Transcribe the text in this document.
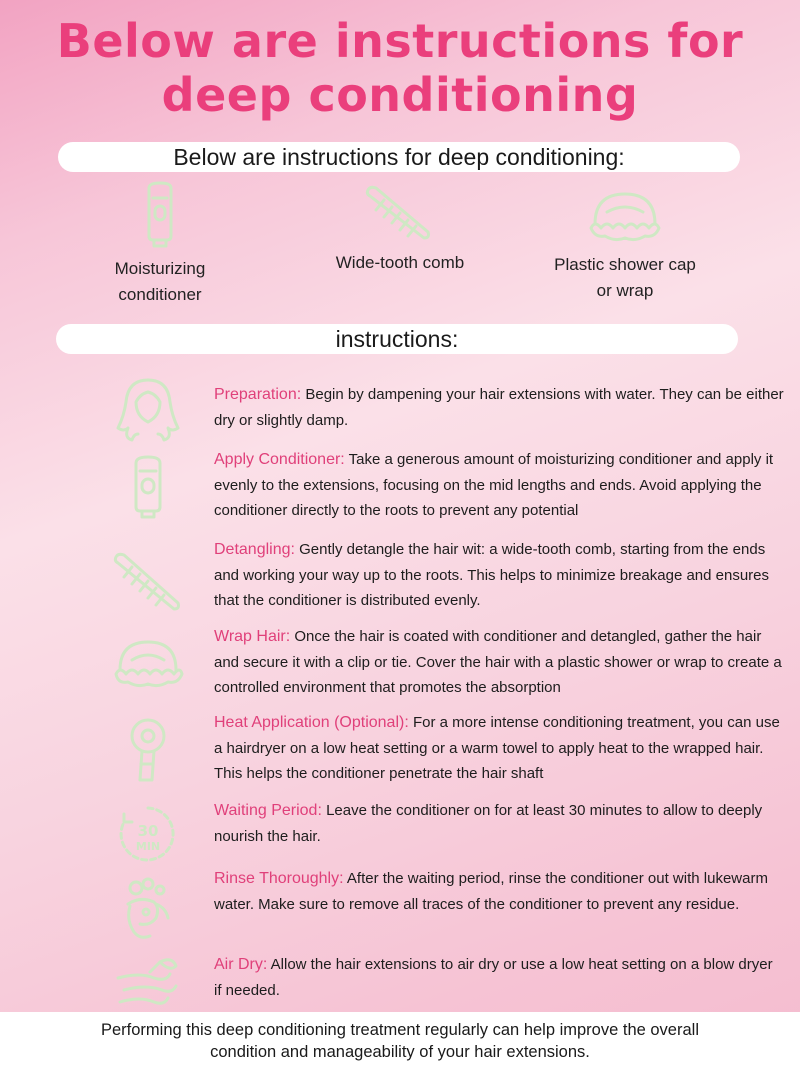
Below are instructions for
deep conditioning
Below are instructions for deep conditioning:
Moisturizing
conditioner
Wide-tooth comb	Plastic shower cap
or wrap
instructions:
Preparation: Begin by dampening your hair extensions with water. They can be either dry or slightly damp.
Apply Conditioner: Take a generous amount of moisturizing conditioner and apply it evenly to the extensions, focusing on the mid lengths and ends. Avoid applying the conditioner directly to the roots to prevent any potential
Detangling: Gently detangle the hair wit: a wide-tooth comb, starting from the ends and working your way up to the roots. This helps to minimize breakage and ensures that the conditioner is distributed evenly.
Wrap Hair: Once the hair is coated with conditioner and detangled, gather the hair and secure it with a clip or tie. Cover the hair with a plastic shower or wrap to create a controlled environment that promotes the absorption
Heat Application (Optional): For a more intense conditioning treatment, you can use a hairdryer on a low heat setting or a warm towel to apply heat to the wrapped hair. This helps the conditioner penetrate the hair shaft
30
MIN
Waiting Period: Leave the conditioner on for at least 30 minutes to allow to deeply nourish the hair.
Rinse Thoroughly: After the waiting period, rinse the conditioner out with lukewarm water. Make sure to remove all traces of the conditioner to prevent any residue.
Air Dry: Allow the hair extensions to air dry or use a low heat setting on a blow dryer if needed.
Performing this deep conditioning treatment regularly can help improve the overall
condition and manageability of your hair extensions.
